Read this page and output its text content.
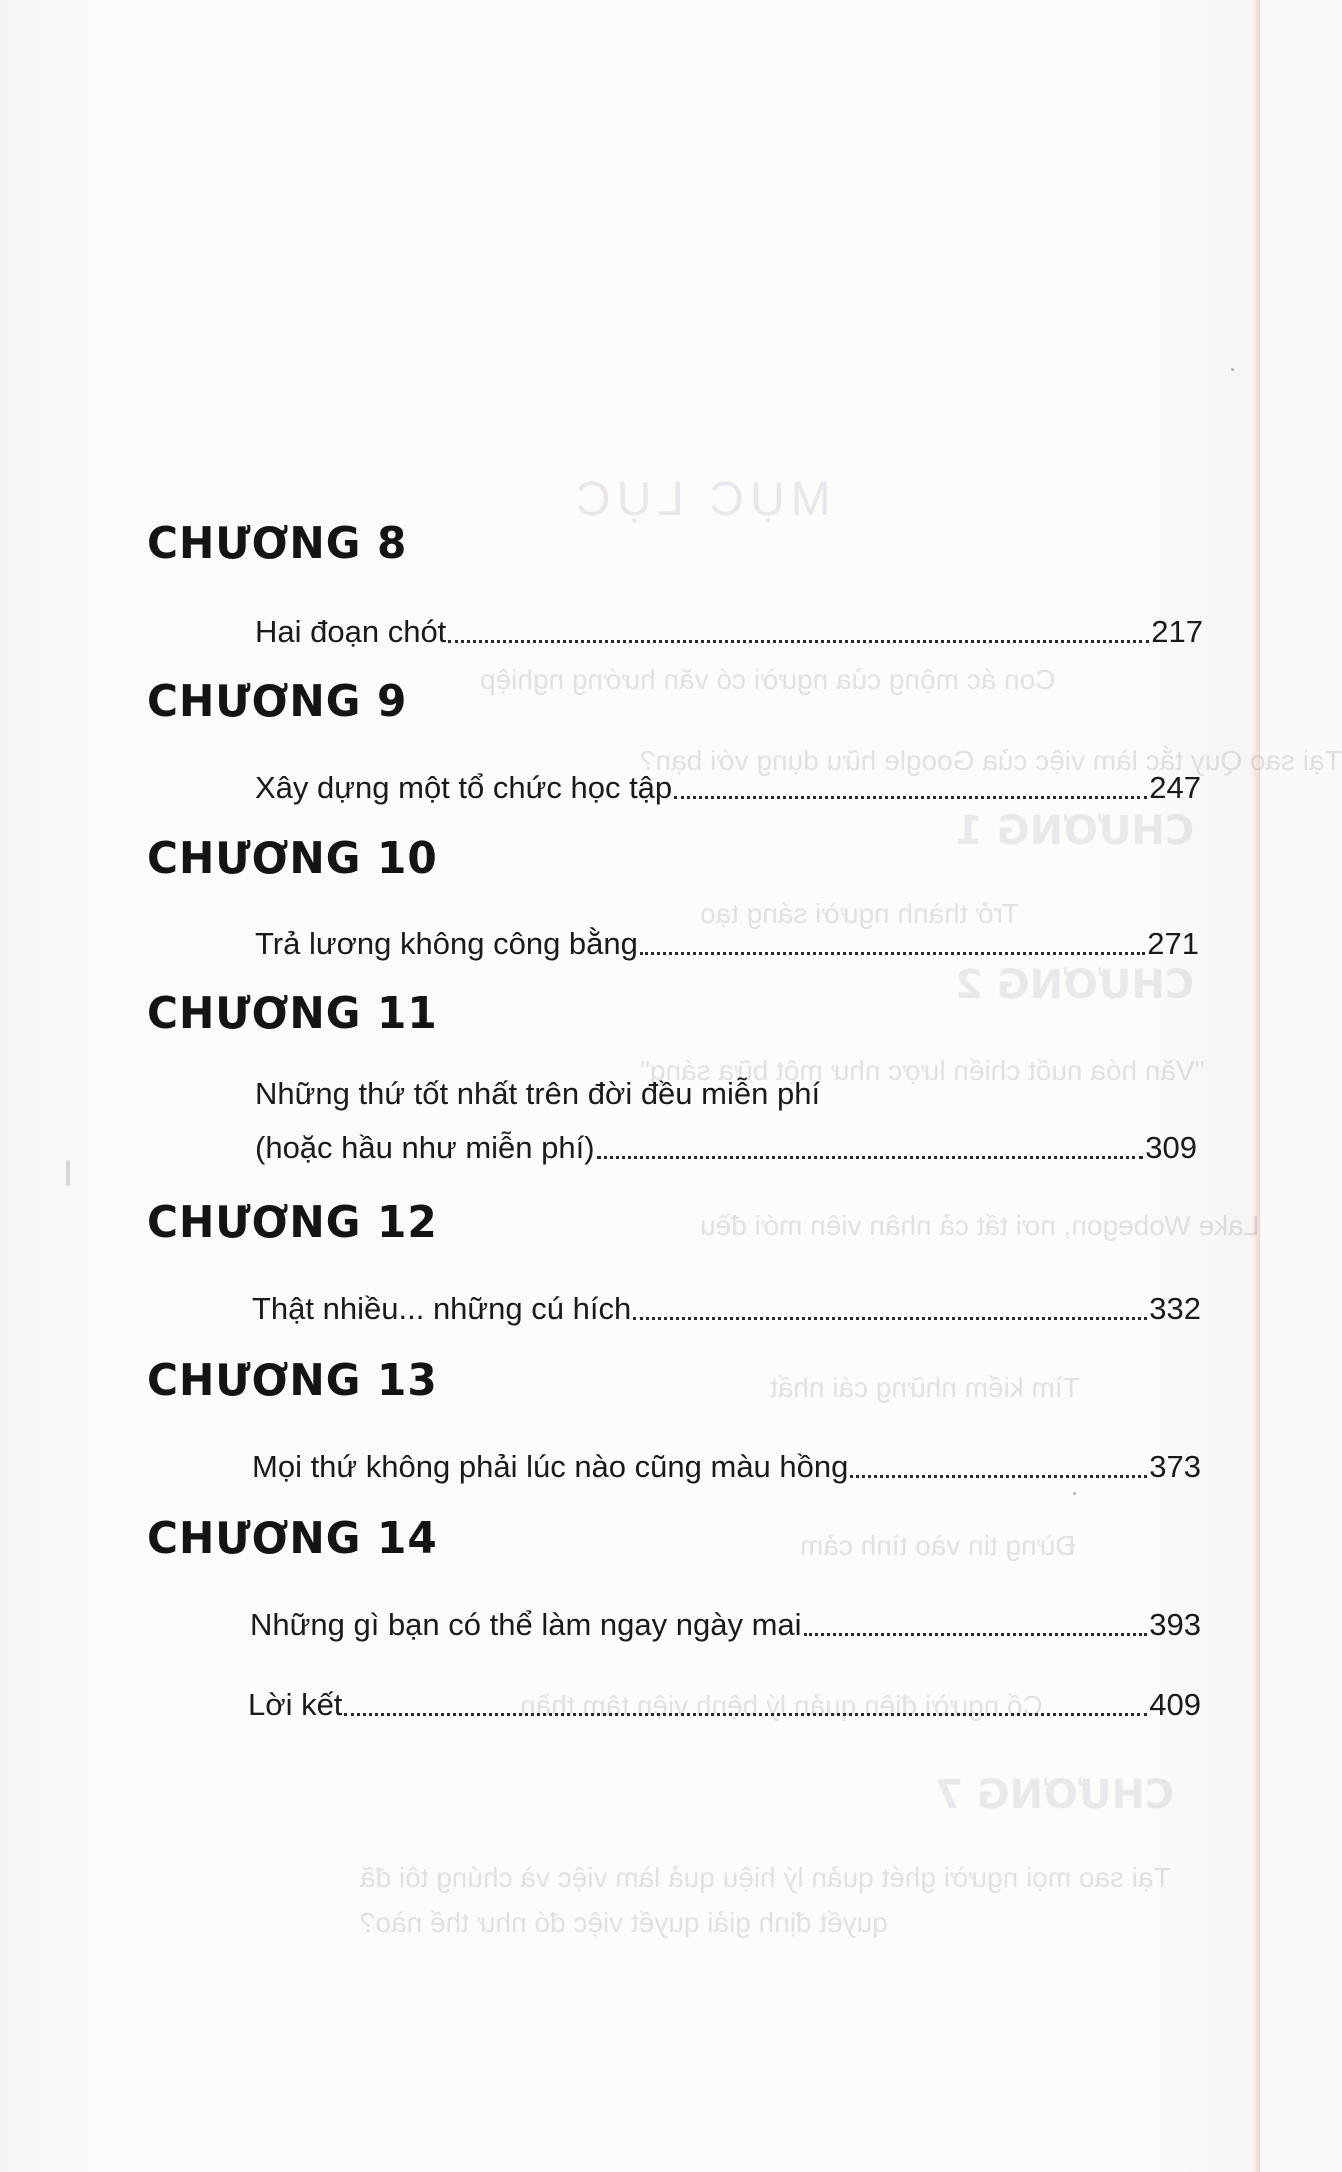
MỤC LỤC
Con ác mộng của người có văn hướng nghiệp
Tại sao Quy tắc làm việc của Google hữu dụng với bạn?
CHƯƠNG 1
Trở thành người sáng tạo
CHƯƠNG 2
"Văn hóa nuốt chiến lược như một bữa sáng"
Lake Wobegon, nơi tất cả nhân viên mới đều
Tìm kiếm những cái nhất
Đừng tin vào tình cảm
Cố người điên quản lý bệnh viện tâm thần
CHƯƠNG 7
Tại sao mọi người ghét quản lý hiệu quả làm việc và chúng tôi đã
quyết định giải quyết việc đó như thế nào?
CHƯƠNG 8
Hai đoạn chót	217
CHƯƠNG 9
Xây dựng một tổ chức học tập	247
CHƯƠNG 10
Trả lương không công bằng	271
CHƯƠNG 11
Những thứ tốt nhất trên đời đều miễn phí
(hoặc hầu như miễn phí)	309
CHƯƠNG 12
Thật nhiều... những cú hích	332
CHƯƠNG 13
Mọi thứ không phải lúc nào cũng màu hồng	373
CHƯƠNG 14
Những gì bạn có thể làm ngay ngày mai	393
Lời kết	409
